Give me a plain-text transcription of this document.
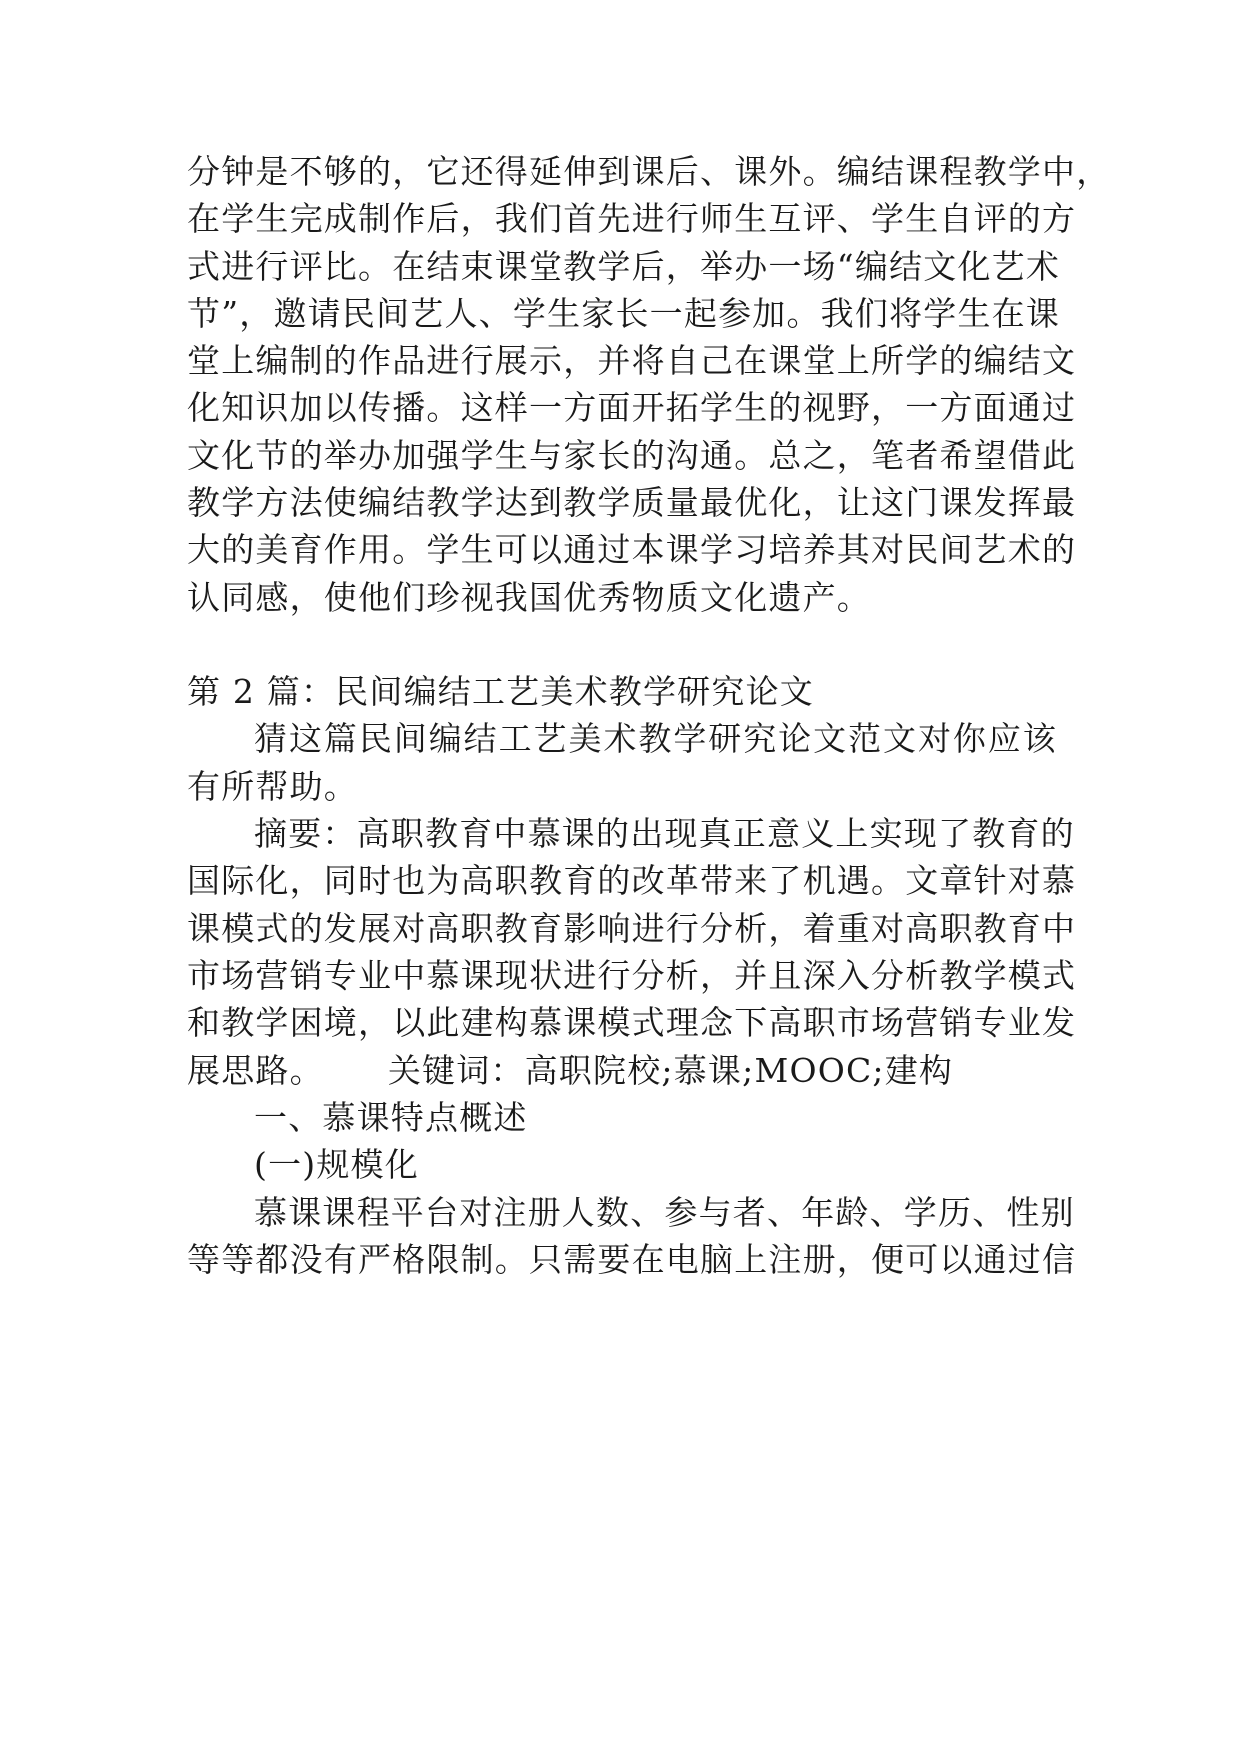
分钟是不够的，它还得延伸到课后、课外。编结课程教学中，
在学生完成制作后，我们首先进行师生互评、学生自评的方
式进行评比。在结束课堂教学后，举办一场“编结文化艺术
节”，邀请民间艺人、学生家长一起参加。我们将学生在课
堂上编制的作品进行展示，并将自己在课堂上所学的编结文
化知识加以传播。这样一方面开拓学生的视野，一方面通过
文化节的举办加强学生与家长的沟通。总之，笔者希望借此
教学方法使编结教学达到教学质量最优化，让这门课发挥最
大的美育作用。学生可以通过本课学习培养其对民间艺术的
认同感，使他们珍视我国优秀物质文化遗产。
第 2 篇：民间编结工艺美术教学研究论文
猜这篇民间编结工艺美术教学研究论文范文对你应该
有所帮助。
摘要：高职教育中慕课的出现真正意义上实现了教育的
国际化，同时也为高职教育的改革带来了机遇。文章针对慕
课模式的发展对高职教育影响进行分析，着重对高职教育中
市场营销专业中慕课现状进行分析，并且深入分析教学模式
和教学困境，以此建构慕课模式理念下高职市场营销专业发
展思路。 关键词：高职院校;慕课;MOOC;建构
一、慕课特点概述
(一)规模化
慕课课程平台对注册人数、参与者、年龄、学历、性别
等等都没有严格限制。只需要在电脑上注册，便可以通过信
